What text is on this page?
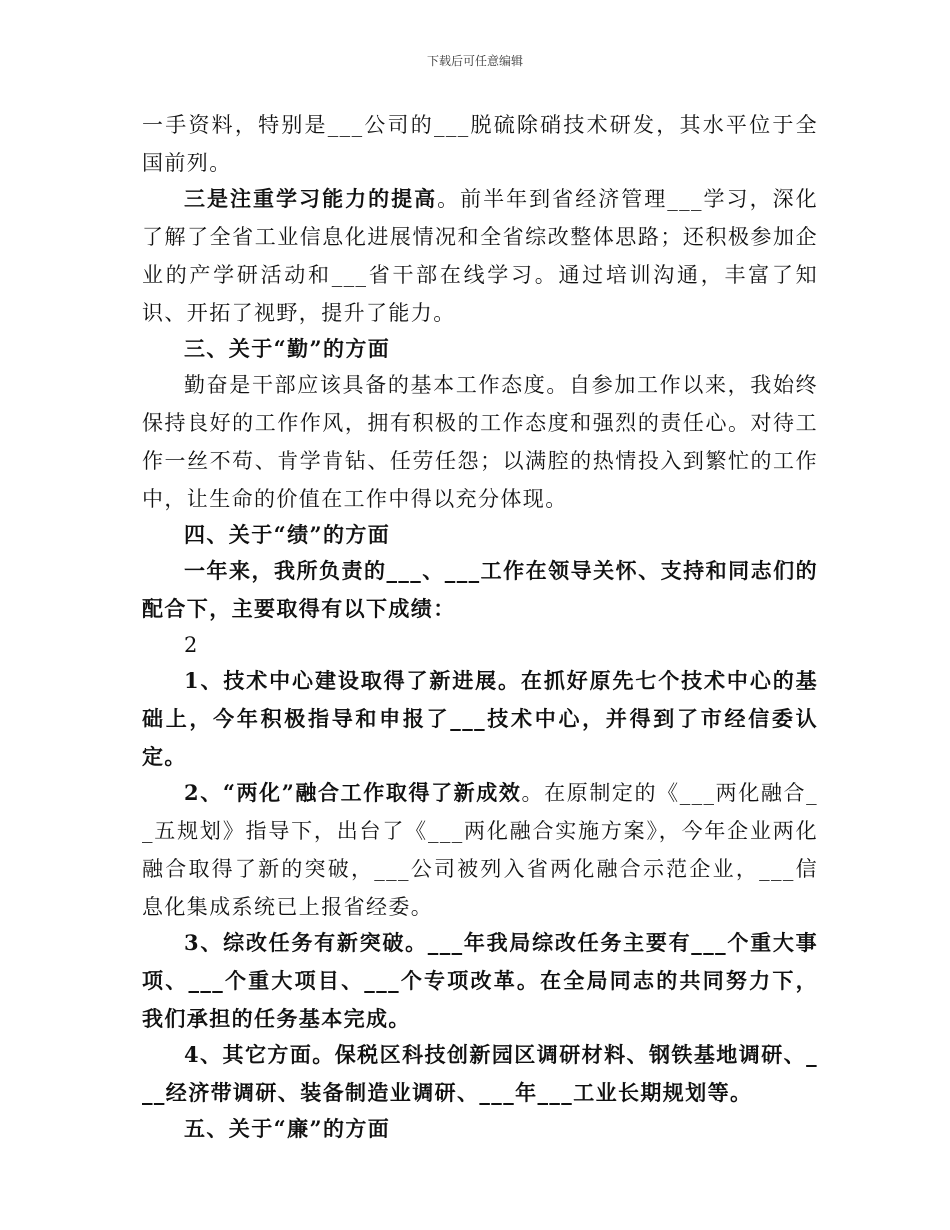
下载后可任意编辑

一手资料，特别是___公司的___脱硫除硝技术研发，其水平位于全国前列。

三是注重学习能力的提高。前半年到省经济管理___学习，深化了解了全省工业信息化进展情况和全省综改整体思路；还积极参加企业的产学研活动和___省干部在线学习。通过培训沟通，丰富了知识、开拓了视野，提升了能力。

三、关于“勤”的方面

勤奋是干部应该具备的基本工作态度。自参加工作以来，我始终保持良好的工作作风，拥有积极的工作态度和强烈的责任心。对待工作一丝不苟、肯学肯钻、任劳任怨；以满腔的热情投入到繁忙的工作中，让生命的价值在工作中得以充分体现。

四、关于“绩”的方面

一年来，我所负责的___、___工作在领导关怀、支持和同志们的配合下，主要取得有以下成绩：

2

1、技术中心建设取得了新进展。在抓好原先七个技术中心的基础上，今年积极指导和申报了___技术中心，并得到了市经信委认定。

2、“两化”融合工作取得了新成效。在原制定的《___两化融合__五规划》指导下，出台了《___两化融合实施方案》，今年企业两化融合取得了新的突破，___公司被列入省两化融合示范企业，___信息化集成系统已上报省经委。

3、综改任务有新突破。___年我局综改任务主要有___个重大事项、___个重大项目、___个专项改革。在全局同志的共同努力下，我们承担的任务基本完成。

4、其它方面。保税区科技创新园区调研材料、钢铁基地调研、___经济带调研、装备制造业调研、___年___工业长期规划等。

五、关于“廉”的方面
